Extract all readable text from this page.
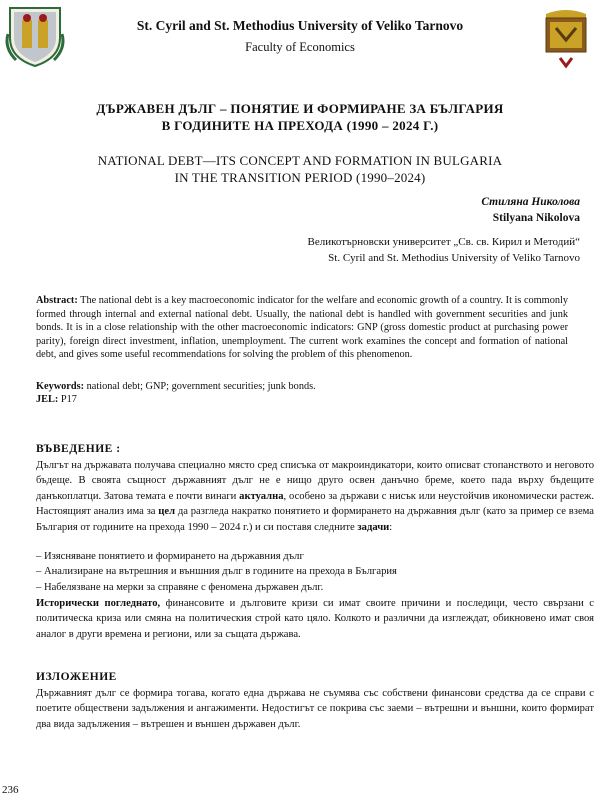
St. Cyril and St. Methodius University of Veliko Tarnovo
Faculty of Economics
ДЪРЖАВЕН ДЪЛГ – ПОНЯТИЕ И ФОРМИРАНЕ ЗА БЪЛГАРИЯ
В ГОДИНИТЕ НА ПРЕХОДА (1990 – 2024 Г.)
NATIONAL DEBT—ITS CONCEPT AND FORMATION IN BULGARIA
IN THE TRANSITION PERIOD (1990–2024)
Стиляна Николова
Stilyana Nikolova
Великотърновски университет „Св. св. Кирил и Методий“
St. Cyril and St. Methodius University of Veliko Tarnovo
Abstract: The national debt is a key macroeconomic indicator for the welfare and economic growth of a country. It is commonly formed through internal and external national debt. Usually, the national debt is handled with government securities and junk bonds. It is in a close relationship with the other macroeconomic indicators: GNP (gross domestic product at purchasing power parity), foreign direct investment, inflation, unemployment. The current work examines the concept and formation of national debt, and gives some useful recommendations for solving the problem of this phenomenon.
Keywords: national debt; GNP; government securities; junk bonds.
JEL: P17
ВЪВЕДЕНИЕ :
Дългът на държавата получава специално място сред списъка от макроиндикатори, които описват стопанството и неговото бъдеще. В своята същност държавният дълг не е нищо друго освен данъчно бреме, което пада върху бъдещите данъкоплатци. Затова темата е почти винаги актуална, особено за държави с нисък или неустойчив икономически растеж. Настоящият анализ има за цел да разгледа накратко понятието и формирането на държавния дълг (като за пример се взема България от годините на прехода 1990 – 2024 г.) и си поставя следните задачи:
– Изясняване понятието и формирането на държавния дълг
– Анализиране на вътрешния и външния дълг в годините на прехода в България
– Набелязване на мерки за справяне с феномена държавен дълг.
Исторически погледнато, финансовите и дълговите кризи си имат своите причини и последици, често свързани с политическа криза или смяна на политическия строй като цяло. Колкото и различни да изглеждат, обикновено имат своя аналог в други времена и региони, или за същата държава.
ИЗЛОЖЕНИЕ
Държавният дълг се формира тогава, когато една държава не съумява със собствени финансови средства да се справи с поетите обществени задължения и ангажименти. Недостигът се покрива със заеми – вътрешни и външни, които формират два вида задължения – вътрешен и външен държавен дълг.
236
